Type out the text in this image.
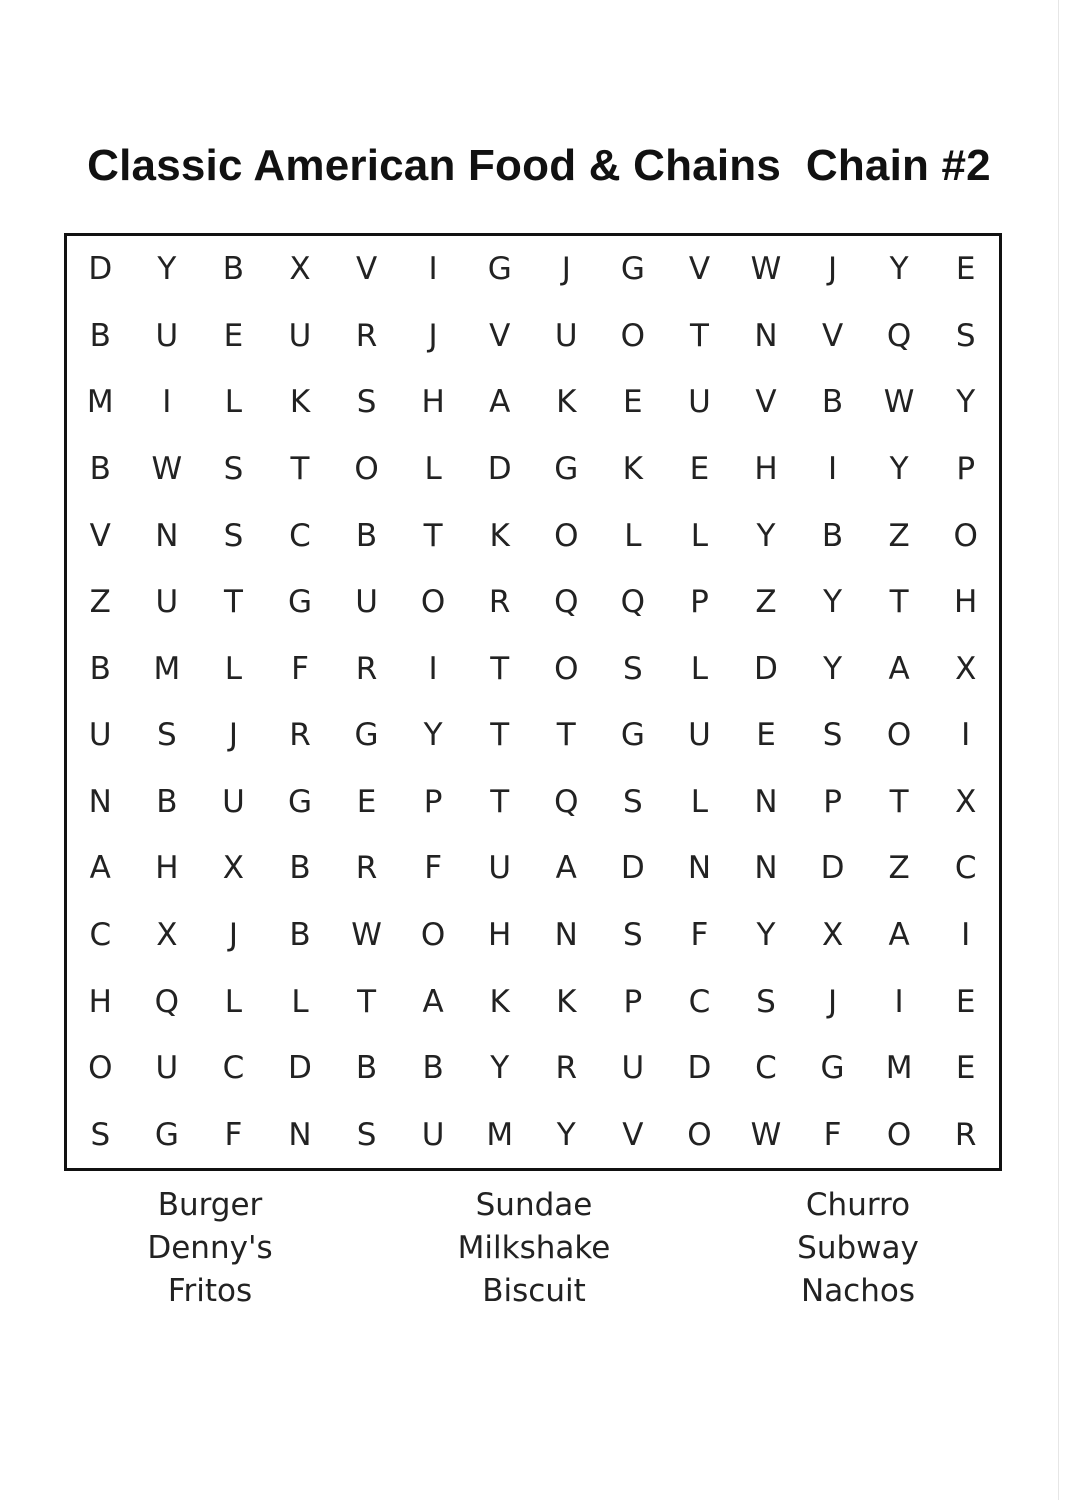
Classic American Food & Chains  Chain #2
D	Y	B	X	V	I	G	J	G	V	W	J	Y	E
B	U	E	U	R	J	V	U	O	T	N	V	Q	S
M	I	L	K	S	H	A	K	E	U	V	B	W	Y
B	W	S	T	O	L	D	G	K	E	H	I	Y	P
V	N	S	C	B	T	K	O	L	L	Y	B	Z	O
Z	U	T	G	U	O	R	Q	Q	P	Z	Y	T	H
B	M	L	F	R	I	T	O	S	L	D	Y	A	X
U	S	J	R	G	Y	T	T	G	U	E	S	O	I
N	B	U	G	E	P	T	Q	S	L	N	P	T	X
A	H	X	B	R	F	U	A	D	N	N	D	Z	C
C	X	J	B	W	O	H	N	S	F	Y	X	A	I
H	Q	L	L	T	A	K	K	P	C	S	J	I	E
O	U	C	D	B	B	Y	R	U	D	C	G	M	E
S	G	F	N	S	U	M	Y	V	O	W	F	O	R
Burger
Denny's
Fritos
Sundae
Milkshake
Biscuit
Churro
Subway
Nachos
